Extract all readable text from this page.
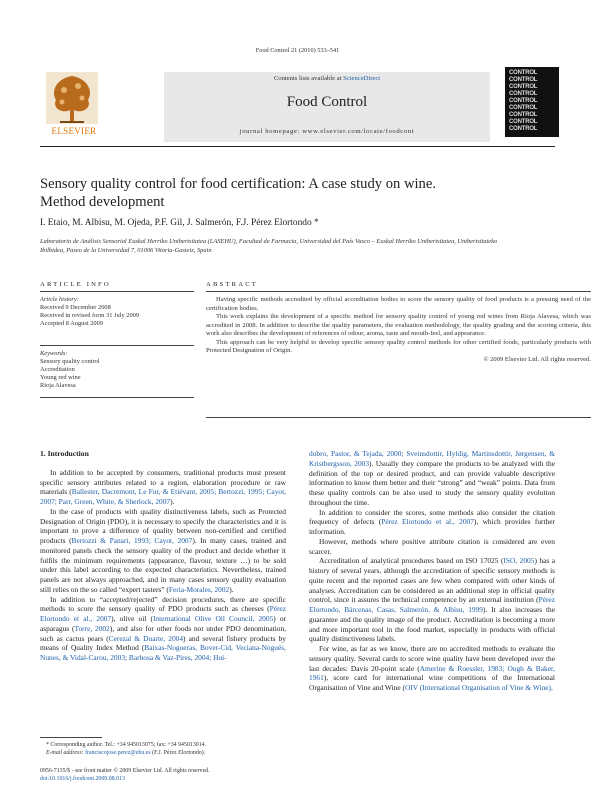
Food Control 21 (2010) 533–541
Contents lists available at ScienceDirect
Food Control
journal homepage: www.elsevier.com/locate/foodcont
ELSEVIER
CONTROL
CONTROL
CONTROL
CONTROL
CONTROL
CONTROL
CONTROL
CONTROL
CONTROL
Sensory quality control for food certification: A case study on wine.
Method development
I. Etaio, M. Albisu, M. Ojeda, P.F. Gil, J. Salmerón, F.J. Pérez Elortondo *
Laboratorio de Análisis Sensorial Euskal Herriko Unibertsitatea (LASEHU), Facultad de Farmacia, Universidad del País Vasco – Euskal Herriko Unibertsitatea, Unibertsitateko
Ibilbidea, Paseo de la Universidad 7, 01006 Vitoria-Gasteiz, Spain
ARTICLE INFO	ABSTRACT
Article history:
Received 9 December 2008
Received in revised form 31 July 2009
Accepted 8 August 2009
Keywords:
Sensory quality control
Accreditation
Young red wine
Rioja Alavesa

Having specific methods accredited by official accreditation bodies to score the sensory quality of food products is a pressing need of the certification bodies.

This work explains the development of a specific method for sensory quality control of young red wines from Rioja Alavesa, which was accredited in 2008. In addition to describe the quality parameters, the evaluation methodology, the quality grading and the scoring criteria, this work also describes the development of references of odour, aroma, taste and mouth-feel, and appearance.

This approach can be very helpful to develop specific sensory quality control methods for other certified foods, particularly products with Protected Designation of Origin.

© 2009 Elsevier Ltd. All rights reserved.

1. Introduction

In addition to be accepted by consumers, traditional products must present specific sensory attributes related to a region, elaboration procedure or raw materials (Ballester, Dacremont, Le Fur, & Etiévant, 2005; Bertozzi, 1995; Cayot, 2007; Parr, Green, White, & Sherlock, 2007).

In the case of products with quality distinctiveness labels, such as Protected Designation of Origin (PDO), it is necessary to specify the characteristics and it is important to prove a difference of quality between non-certified and certified products (Bertozzi & Panari, 1993; Cayot, 2007). In many cases, trained and monitored panels check the sensory quality of the product and decide whether it fulfils the minimum requirements (appearance, flavour, texture …) to be sold under this label according to the expected characteristics. Nevertheless, trained panels are not always approached, and in many cases sensory quality evaluation still relies on the so called “expert tasters” (Feria-Morales, 2002).

In addition to “accepted/rejected” decision procedures, there are specific methods to score the sensory quality of PDO products such as cheeses (Pérez Elortondo et al., 2007), olive oil (International Olive Oil Council, 2005) or asparagus (Torre, 2002), and also for other foods not under PDO denomination, such as cactus pears (Cerezal & Duarte, 2004) and several fishery products by means of Quality Index Method (Baixas-Nogueras, Bover-Cid, Veciana-Nogués, Nunes, & Vidal-Carou, 2003; Barbosa & Vaz-Pires, 2004; Hui-

dobro, Pastor, & Tejada, 2000; Sveinsdottir, Hyldig, Martinsdottir, Jørgensen, & Kristbergsson, 2003). Usually they compare the products to be analyzed with the definition of the top or desired product, and can provide valuable descriptive information to know them better and their “strong” and “weak” points. Data from these quality controls can be also used to study the sensory quality evolution throughout the time.

In addition to consider the scores, some methods also consider the citation frequency of defects (Pérez Elortondo et al., 2007), which provides further information.

However, methods where positive attribute citation is considered are even scarcer.

Accreditation of analytical procedures based on ISO 17025 (ISO, 2005) has a history of several years, although the accreditation of specific sensory methods is quite recent and the reported cases are few when compared with other kinds of analyses. Accreditation can be considered as an additional step in official quality control, since it assures the technical competence by an external institution (Pérez Elortondo, Bárcenas, Casas, Salmerón, & Albisu, 1999). It also increases the guarantee and the quality image of the product. Accreditation is becoming a more and more important tool in the food market, especially in products with official quality distinctiveness labels.

For wine, as far as we know, there are no accredited methods to evaluate the sensory quality. Several cards to score wine quality have been developed over the last decades: Davis 20-point scale (Amerine & Roessler, 1983; Ough & Baker, 1961), score card for international wine competitions of the International Organisation of Vine and Wine (OIV (International Organisation of Vine & Wine),

* Corresponding author. Tel.: +34 945013075; fax: +34 945013014.

E-mail address: franciscojose.perez@ehu.es (F.J. Pérez Elortondo).

0956-7135/$ - see front matter © 2009 Elsevier Ltd. All rights reserved.
doi:10.1016/j.foodcont.2009.08.013
